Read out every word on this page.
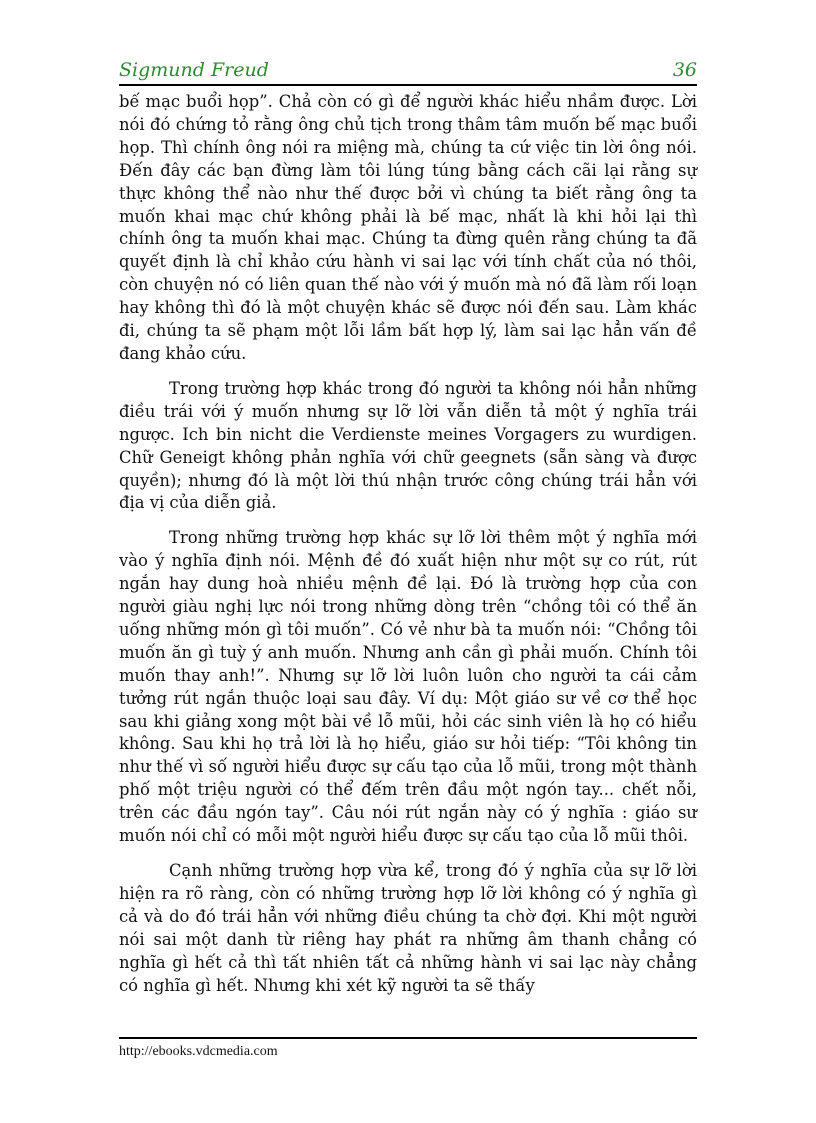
Sigmund Freud	36

bế mạc buổi họp”. Chả còn có gì để người khác hiểu nhầm được. Lời nói đó chứng tỏ rằng ông chủ tịch trong thâm tâm muốn bế mạc buổi họp. Thì chính ông nói ra miệng mà, chúng ta cứ việc tin lời ông nói. Đến đây các bạn đừng làm tôi lúng túng bằng cách cãi lại rằng sự thực không thể nào như thế được bởi vì chúng ta biết rằng ông ta muốn khai mạc chứ không phải là bế mạc, nhất là khi hỏi lại thì chính ông ta muốn khai mạc. Chúng ta đừng quên rằng chúng ta đã quyết định là chỉ khảo cứu hành vi sai lạc với tính chất của nó thôi, còn chuyện nó có liên quan thế nào với ý muốn mà nó đã làm rối loạn hay không thì đó là một chuyện khác sẽ được nói đến sau. Làm khác đi, chúng ta sẽ phạm một lỗi lầm bất hợp lý, làm sai lạc hẳn vấn đề đang khảo cứu.

Trong trường hợp khác trong đó người ta không nói hẳn những điều trái với ý muốn nhưng sự lỡ lời vẫn diễn tả một ý nghĩa trái ngược. Ich bin nicht die Verdienste meines Vorgagers zu wurdigen. Chữ Geneigt không phản nghĩa với chữ geegnets (sẵn sàng và được quyền); nhưng đó là một lời thú nhận trước công chúng trái hẳn với địa vị của diễn giả.

Trong những trường hợp khác sự lỡ lời thêm một ý nghĩa mới vào ý nghĩa định nói. Mệnh đề đó xuất hiện như một sự co rút, rút ngắn hay dung hoà nhiều mệnh đề lại. Đó là trường hợp của con người giàu nghị lực nói trong những dòng trên “chồng tôi có thể ăn uống những món gì tôi muốn”. Có vẻ như bà ta muốn nói: “Chồng tôi muốn ăn gì tuỳ ý anh muốn. Nhưng anh cần gì phải muốn. Chính tôi muốn thay anh!”. Nhưng sự lỡ lời luôn luôn cho người ta cái cảm tưởng rút ngắn thuộc loại sau đây. Ví dụ: Một giáo sư về cơ thể học sau khi giảng xong một bài về lỗ mũi, hỏi các sinh viên là họ có hiểu không. Sau khi họ trả lời là họ hiểu, giáo sư hỏi tiếp: “Tôi không tin như thế vì số người hiểu được sự cấu tạo của lỗ mũi, trong một thành phố một triệu người có thể đếm trên đầu một ngón tay... chết nỗi, trên các đầu ngón tay”. Câu nói rút ngắn này có ý nghĩa : giáo sư muốn nói chỉ có mỗi một người hiểu được sự cấu tạo của lỗ mũi thôi.

Cạnh những trường hợp vừa kể, trong đó ý nghĩa của sự lỡ lời hiện ra rõ ràng, còn có những trường hợp lỡ lời không có ý nghĩa gì cả và do đó trái hẳn với những điều chúng ta chờ đợi. Khi một người nói sai một danh từ riêng hay phát ra những âm thanh chẳng có nghĩa gì hết cả thì tất nhiên tất cả những hành vi sai lạc này chẳng có nghĩa gì hết. Nhưng khi xét kỹ người ta sẽ thấy

http://ebooks.vdcmedia.com
